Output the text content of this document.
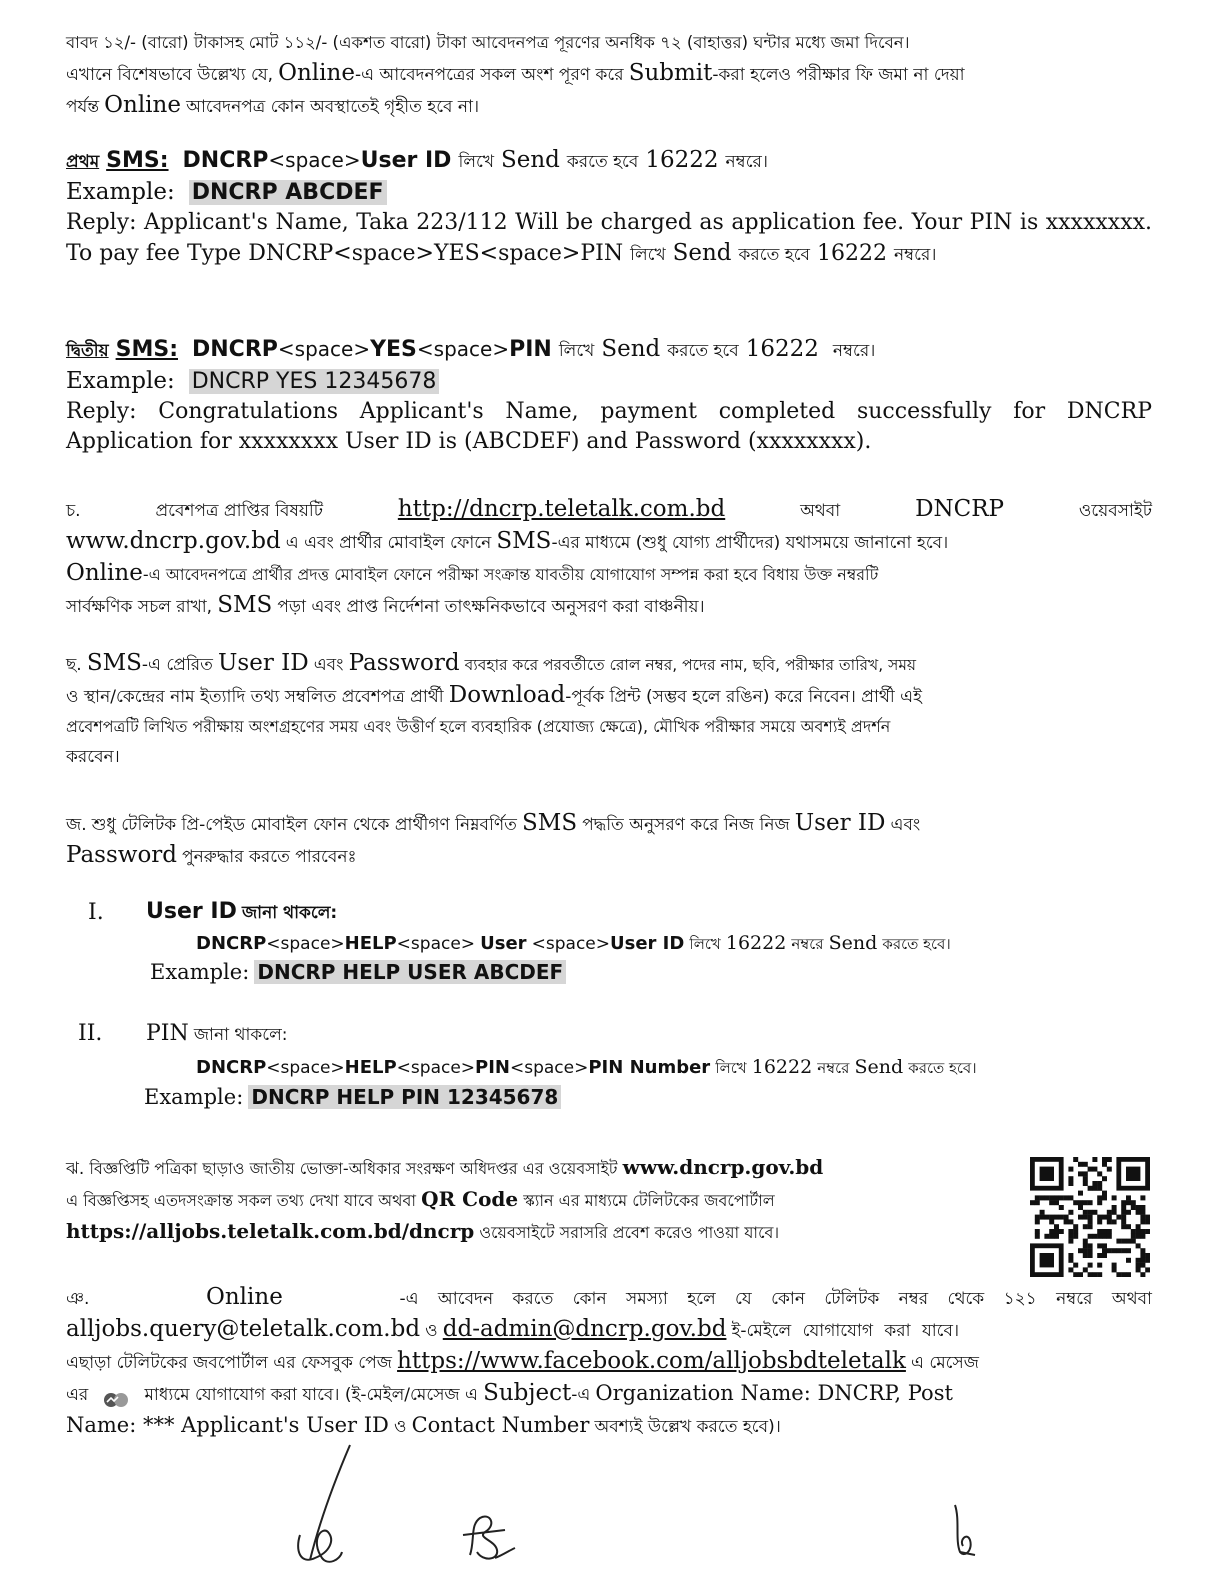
বাবদ ১২/- (বারো) টাকাসহ মোট ১১২/- (একশত বারো) টাকা আবেদনপত্র পূরণের অনধিক ৭২ (বাহাত্তর) ঘন্টার মধ্যে জমা দিবেন।

এখানে বিশেষভাবে উল্লেখ্য যে, Online-এ আবেদনপত্রের সকল অংশ পূরণ করে Submit-করা হলেও পরীক্ষার ফি জমা না দেয়া

পর্যন্ত Online আবেদনপত্র কোন অবস্থাতেই গৃহীত হবে না।

প্রথম SMS: DNCRP<space>User ID লিখে Send করতে হবে 16222 নম্বরে।

Example: DNCRP ABCDEF

Reply: Applicant's Name, Taka 223/112 Will be charged as application fee. Your PIN is xxxxxxxx. To pay fee Type DNCRP<space>YES<space>PIN লিখে Send করতে হবে 16222 নম্বরে।

দ্বিতীয় SMS: DNCRP<space>YES<space>PIN লিখে Send করতে হবে 16222 নম্বরে।

Example: DNCRP YES 12345678

Reply: Congratulations Applicant's Name, payment completed successfully for DNCRP Application for xxxxxxxx User ID is (ABCDEF) and Password (xxxxxxxx).

চ.	প্রবেশপত্র প্রাপ্তির বিষয়টি	http://dncrp.teletalk.com.bd	অথবা	DNCRP	ওয়েবসাইট

www.dncrp.gov.bd এ এবং প্রার্থীর মোবাইল ফোনে SMS-এর মাধ্যমে (শুধু যোগ্য প্রার্থীদের) যথাসময়ে জানানো হবে।

Online-এ আবেদনপত্রে প্রার্থীর প্রদত্ত মোবাইল ফোনে পরীক্ষা সংক্রান্ত যাবতীয় যোগাযোগ সম্পন্ন করা হবে বিধায় উক্ত নম্বরটি

সার্বক্ষণিক সচল রাখা, SMS পড়া এবং প্রাপ্ত নির্দেশনা তাৎক্ষনিকভাবে অনুসরণ করা বাঞ্চনীয়।

ছ. SMS-এ প্রেরিত User ID এবং Password ব্যবহার করে পরবর্তীতে রোল নম্বর, পদের নাম, ছবি, পরীক্ষার তারিখ, সময়

ও স্থান/কেন্দ্রের নাম ইত্যাদি তথ্য সম্বলিত প্রবেশপত্র প্রার্থী Download-পূর্বক প্রিন্ট (সম্ভব হলে রঙিন) করে নিবেন। প্রার্থী এই

প্রবেশপত্রটি লিখিত পরীক্ষায় অংশগ্রহণের সময় এবং উত্তীর্ণ হলে ব্যবহারিক (প্রযোজ্য ক্ষেত্রে), মৌখিক পরীক্ষার সময়ে অবশ্যই প্রদর্শন

করবেন।

জ. শুধু টেলিটক প্রি-পেইড মোবাইল ফোন থেকে প্রার্থীগণ নিম্নবর্ণিত SMS পদ্ধতি অনুসরণ করে নিজ নিজ User ID এবং

Password পুনরুদ্ধার করতে পারবেনঃ

I. User ID জানা থাকলে:

DNCRP<space>HELP<space> User <space>User ID লিখে 16222 নম্বরে Send করতে হবে।
Example: DNCRP HELP USER ABCDEF
II. PIN জানা থাকলে:

DNCRP<space>HELP<space>PIN<space>PIN Number লিখে 16222 নম্বরে Send করতে হবে।
Example: DNCRP HELP PIN 12345678

ঝ. বিজ্ঞপ্তিটি পত্রিকা ছাড়াও জাতীয় ভোক্তা-অধিকার সংরক্ষণ অধিদপ্তর এর ওয়েবসাইট www.dncrp.gov.bd

এ বিজ্ঞপ্তিসহ এতদসংক্রান্ত সকল তথ্য দেখা যাবে অথবা QR Code স্ক্যান এর মাধ্যমে টেলিটকের জবপোর্টাল

https://alljobs.teletalk.com.bd/dncrp ওয়েবসাইটে সরাসরি প্রবেশ করেও পাওয়া যাবে।

ঞ.	Online	-এ আবেদন করতে কোন সমস্যা হলে যে কোন টেলিটক নম্বর থেকে ১২১ নম্বরে অথবা

alljobs.query@teletalk.com.bd ও dd-admin@dncrp.gov.bd ই-মেইলে যোগাযোগ করা যাবে।

এছাড়া টেলিটকের জবপোর্টাল এর ফেসবুক পেজ https://www.facebook.com/alljobsbdteletalk এ মেসেজ

এর	মাধ্যমে যোগাযোগ করা যাবে। (ই-মেইল/মেসেজ এ Subject-এ Organization Name: DNCRP, Post

Name: *** Applicant's User ID ও Contact Number অবশ্যই উল্লেখ করতে হবে)।
